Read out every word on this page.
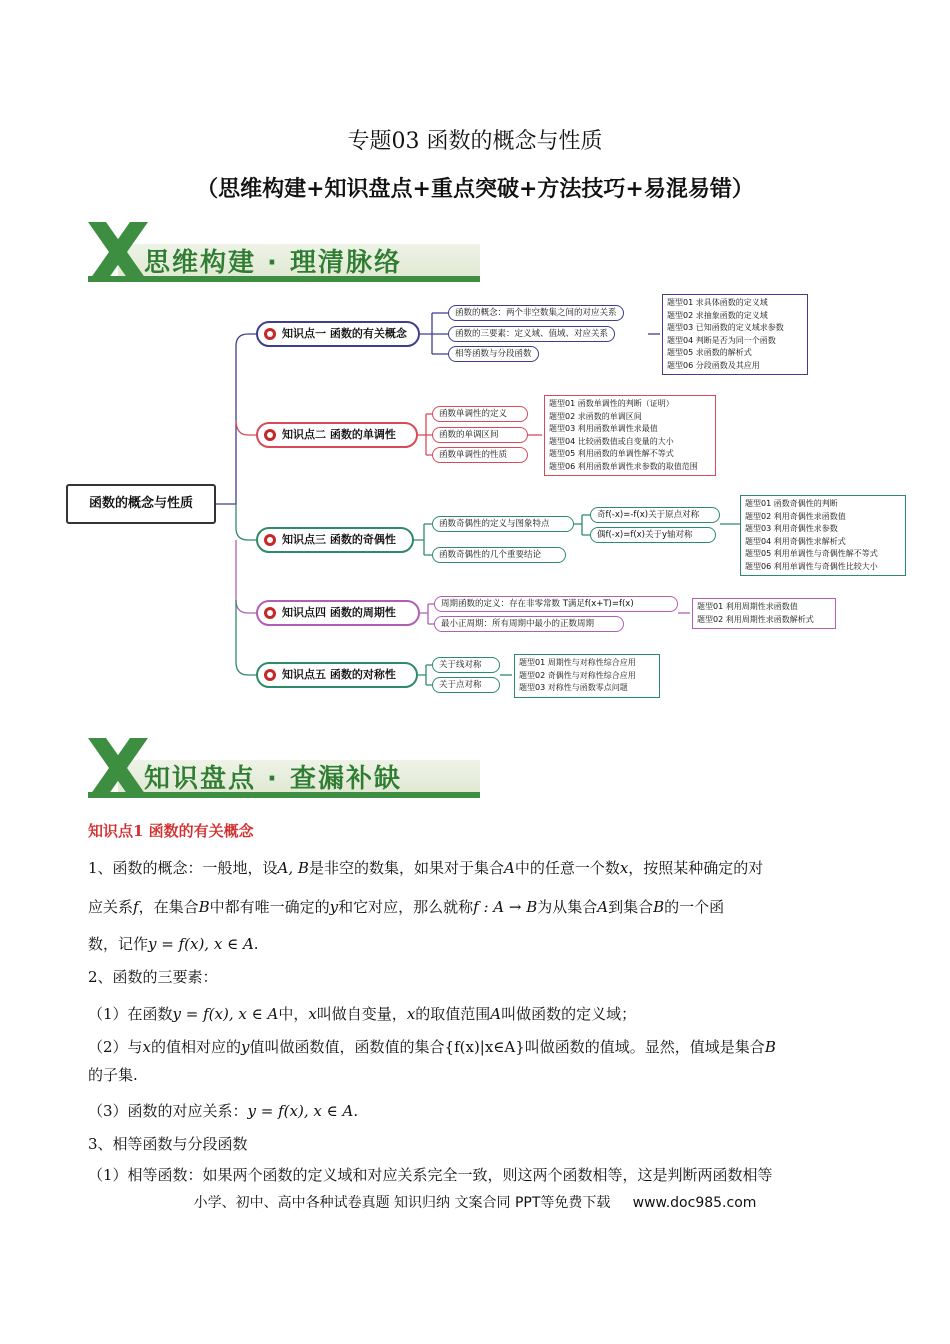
专题03 函数的概念与性质
（思维构建+知识盘点+重点突破+方法技巧+易混易错）
思维构建 · 理清脉络
函数的概念与性质
知识点一 函数的有关概念
函数的概念：两个非空数集之间的对应关系
函数的三要素：定义域、值域、对应关系
相等函数与分段函数
题型01 求具体函数的定义域
题型02 求抽象函数的定义域
题型03 已知函数的定义域求参数
题型04 判断是否为同一个函数
题型05 求函数的解析式
题型06 分段函数及其应用
知识点二 函数的单调性
函数单调性的定义
函数的单调区间
函数单调性的性质
题型01 函数单调性的判断（证明）
题型02 求函数的单调区间
题型03 利用函数单调性求最值
题型04 比较函数值或自变量的大小
题型05 利用函数的单调性解不等式
题型06 利用函数单调性求参数的取值范围
知识点三 函数的奇偶性
函数奇偶性的定义与图象特点
函数奇偶性的几个重要结论
奇f(-x)=-f(x)关于原点对称
偶f(-x)=f(x)关于y轴对称
题型01 函数奇偶性的判断
题型02 利用奇偶性求函数值
题型03 利用奇偶性求参数
题型04 利用奇偶性求解析式
题型05 利用单调性与奇偶性解不等式
题型06 利用单调性与奇偶性比较大小
知识点四 函数的周期性
周期函数的定义：存在非零常数 T满足f(x+T)=f(x)
最小正周期：所有周期中最小的正数周期
题型01 利用周期性求函数值
题型02 利用周期性求函数解析式
知识点五 函数的对称性
关于线对称
关于点对称
题型01 周期性与对称性综合应用
题型02 奇偶性与对称性综合应用
题型03 对称性与函数零点问题
知识盘点 · 查漏补缺
知识点1 函数的有关概念
1、函数的概念：一般地，设A, B是非空的数集，如果对于集合A中的任意一个数x，按照某种确定的对
应关系f，在集合B中都有唯一确定的y和它对应，那么就称f : A → B为从集合A到集合B的一个函
数，记作y = f(x), x ∈ A.
2、函数的三要素：
（1）在函数y = f(x), x ∈ A中，x叫做自变量，x的取值范围A叫做函数的定义域；
（2）与x的值相对应的y值叫做函数值，函数值的集合{f(x)|x∈A}叫做函数的值域。显然，值域是集合B
的子集.
（3）函数的对应关系：y = f(x), x ∈ A.
3、相等函数与分段函数
（1）相等函数：如果两个函数的定义域和对应关系完全一致，则这两个函数相等，这是判断两函数相等
小学、初中、高中各种试卷真题 知识归纳 文案合同 PPT等免费下载 www.doc985.com
